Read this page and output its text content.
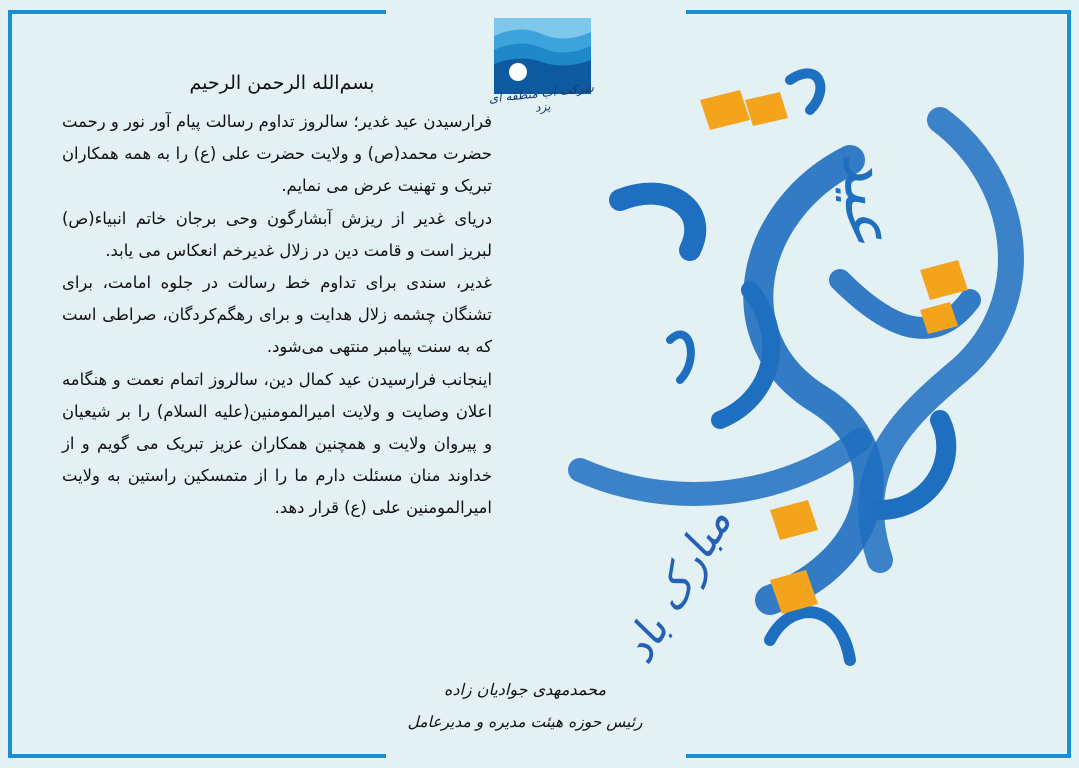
شرکت آب منطقه ای یزد
بسم‌الله الرحمن الرحیم

فرارسیدن عید غدیر؛ سالروز تداوم رسالت پیام آور نور و رحمت حضرت محمد(ص) و ولایت حضرت علی (ع) را به همه همکاران تبریک و تهنیت عرض می نمایم.

دریای غدیر از ریزش آبشارگون وحی برجان خاتم انبیاء(ص) لبریز است و قامت دین در زلال غدیرخم انعکاس می یابد.

غدیر، سندی برای تداوم خط رسالت در جلوه امامت، برای تشنگان چشمه زلال هدایت و برای رهگم‌کردگان، صراطی است که به سنت پیامبر منتهی می‌شود.

اینجانب فرارسیدن عید کمال دین، سالروز اتمام نعمت و هنگامه اعلان وصایت و ولایت امیرالمومنین(علیه السلام) را بر شیعیان و پیروان ولایت و همچنین همکاران عزیز تبریک می گویم و از خداوند منان مسئلت دارم ما را از متمسکین راستین به ولایت امیرالمومنین علی (ع) قرار دهد.

محمدمهدی جوادیان زاده
رئیس حوزه هیئت مدیره و مدیرعامل
عید
مبارک باد
